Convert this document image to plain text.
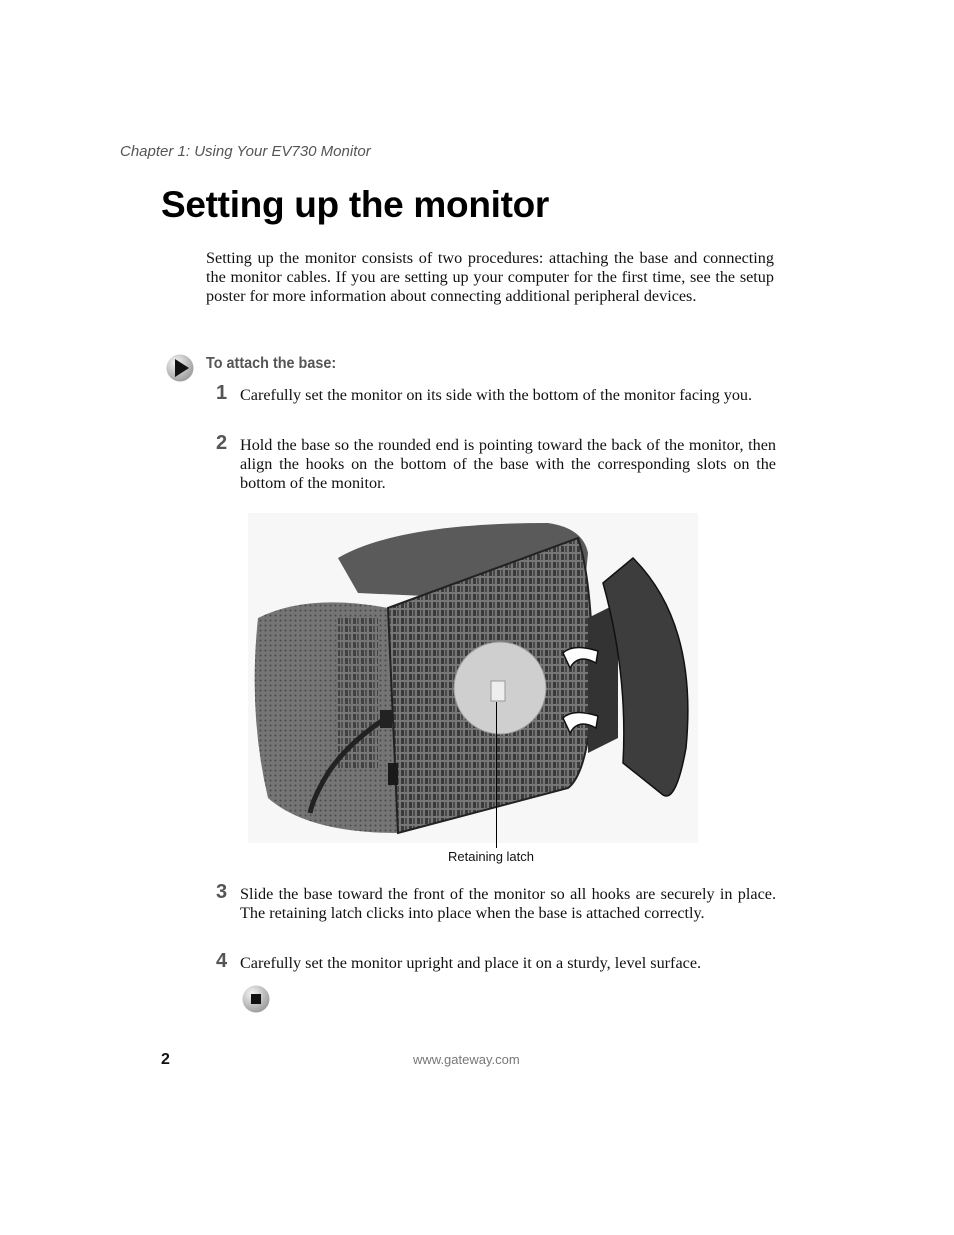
Chapter 1: Using Your EV730 Monitor
Setting up the monitor

Setting up the monitor consists of two procedures: attaching the base and connecting the monitor cables. If you are setting up your computer for the first time, see the setup poster for more information about connecting additional peripheral devices.

To attach the base:
1 Carefully set the monitor on its side with the bottom of the monitor facing you.

2 Hold the base so the rounded end is pointing toward the back of the monitor, then align the hooks on the bottom of the base with the corresponding slots on the bottom of the monitor.

Retaining latch
3 Slide the base toward the front of the monitor so all hooks are securely in place. The retaining latch clicks into place when the base is attached correctly.

4 Carefully set the monitor upright and place it on a sturdy, level surface.

2	www.gateway.com
